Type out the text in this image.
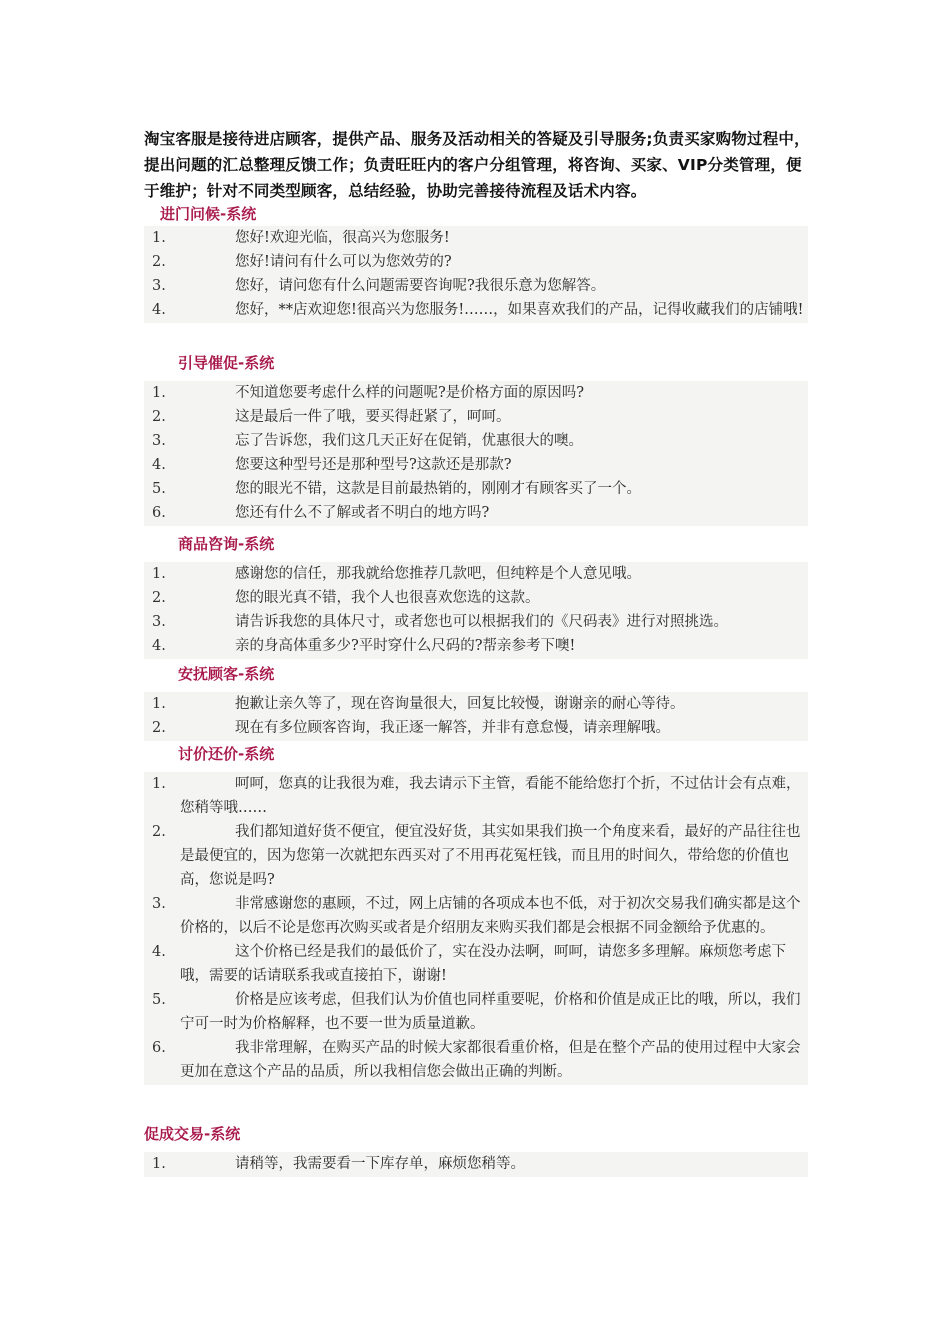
淘宝客服是接待进店顾客，提供产品、服务及活动相关的答疑及引导服务;负责买家购物过程中，提出问题的汇总整理反馈工作；负责旺旺内的客户分组管理，将咨询、买家、VIP分类管理，便于维护；针对不同类型顾客，总结经验，协助完善接待流程及话术内容。
进门问候-系统
1.	您好!欢迎光临，很高兴为您服务!
2.	您好!请问有什么可以为您效劳的?
3.	您好，请问您有什么问题需要咨询呢?我很乐意为您解答。
4.	您好，**店欢迎您!很高兴为您服务!……，如果喜欢我们的产品，记得收藏我们的店铺哦!
引导催促-系统
1.	不知道您要考虑什么样的问题呢?是价格方面的原因吗?
2.	这是最后一件了哦，要买得赶紧了，呵呵。
3.	忘了告诉您，我们这几天正好在促销，优惠很大的噢。
4.	您要这种型号还是那种型号?这款还是那款?
5.	您的眼光不错，这款是目前最热销的，刚刚才有顾客买了一个。
6.	您还有什么不了解或者不明白的地方吗?
商品咨询-系统
1.	感谢您的信任，那我就给您推荐几款吧，但纯粹是个人意见哦。
2.	您的眼光真不错，我个人也很喜欢您选的这款。
3.	请告诉我您的具体尺寸，或者您也可以根据我们的《尺码表》进行对照挑选。
4.	亲的身高体重多少?平时穿什么尺码的?帮亲参考下噢!
安抚顾客-系统
1.	抱歉让亲久等了，现在咨询量很大，回复比较慢，谢谢亲的耐心等待。
2.	现在有多位顾客咨询，我正逐一解答，并非有意怠慢，请亲理解哦。
讨价还价-系统
1.	呵呵，您真的让我很为难，我去请示下主管，看能不能给您打个折，不过估计会有点难，您稍等哦……
2.	我们都知道好货不便宜，便宜没好货，其实如果我们换一个角度来看，最好的产品往往也是最便宜的，因为您第一次就把东西买对了不用再花冤枉钱，而且用的时间久，带给您的价值也高，您说是吗?
3.	非常感谢您的惠顾，不过，网上店铺的各项成本也不低，对于初次交易我们确实都是这个价格的，以后不论是您再次购买或者是介绍朋友来购买我们都是会根据不同金额给予优惠的。
4.	这个价格已经是我们的最低价了，实在没办法啊，呵呵，请您多多理解。麻烦您考虑下哦，需要的话请联系我或直接拍下，谢谢!
5.	价格是应该考虑，但我们认为价值也同样重要呢，价格和价值是成正比的哦，所以，我们宁可一时为价格解释，也不要一世为质量道歉。
6.	我非常理解，在购买产品的时候大家都很看重价格，但是在整个产品的使用过程中大家会更加在意这个产品的品质，所以我相信您会做出正确的判断。
促成交易-系统
1.	请稍等，我需要看一下库存单，麻烦您稍等。
